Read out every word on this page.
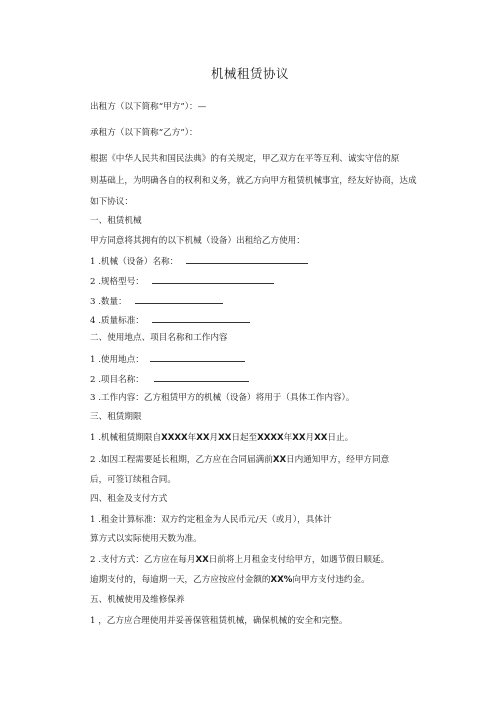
机械租赁协议
出租方（以下简称“甲方”）：—
承租方（以下简称“乙方”）：
根据《中华人民共和国民法典》的有关规定，甲乙双方在平等互利、诚实守信的原
则基础上，为明确各自的权利和义务，就乙方向甲方租赁机械事宜，经友好协商，达成
如下协议：
一、租赁机械
甲方同意将其拥有的以下机械（设备）出租给乙方使用：
1 .机械（设备）名称：
2 .规格型号：
3 .数量：
4 .质量标准：
二、使用地点、项目名称和工作内容
1 .使用地点：
2 .项目名称：
3 .工作内容：乙方租赁甲方的机械（设备）将用于（具体工作内容）。
三、租赁期限
1 .机械租赁期限自XXXX年XX月XX日起至XXXX年XX月XX日止。
2 .如因工程需要延长租期，乙方应在合同届满前XX日内通知甲方，经甲方同意
后，可签订续租合同。
四、租金及支付方式
1 .租金计算标准：双方约定租金为人民币元/天（或月），具体计
算方式以实际使用天数为准。
2 .支付方式：乙方应在每月XX日前将上月租金支付给甲方，如遇节假日顺延。
逾期支付的，每逾期一天，乙方应按应付金额的XX%向甲方支付违约金。
五、机械使用及维修保养
1 ，乙方应合理使用并妥善保管租赁机械，确保机械的安全和完整。
